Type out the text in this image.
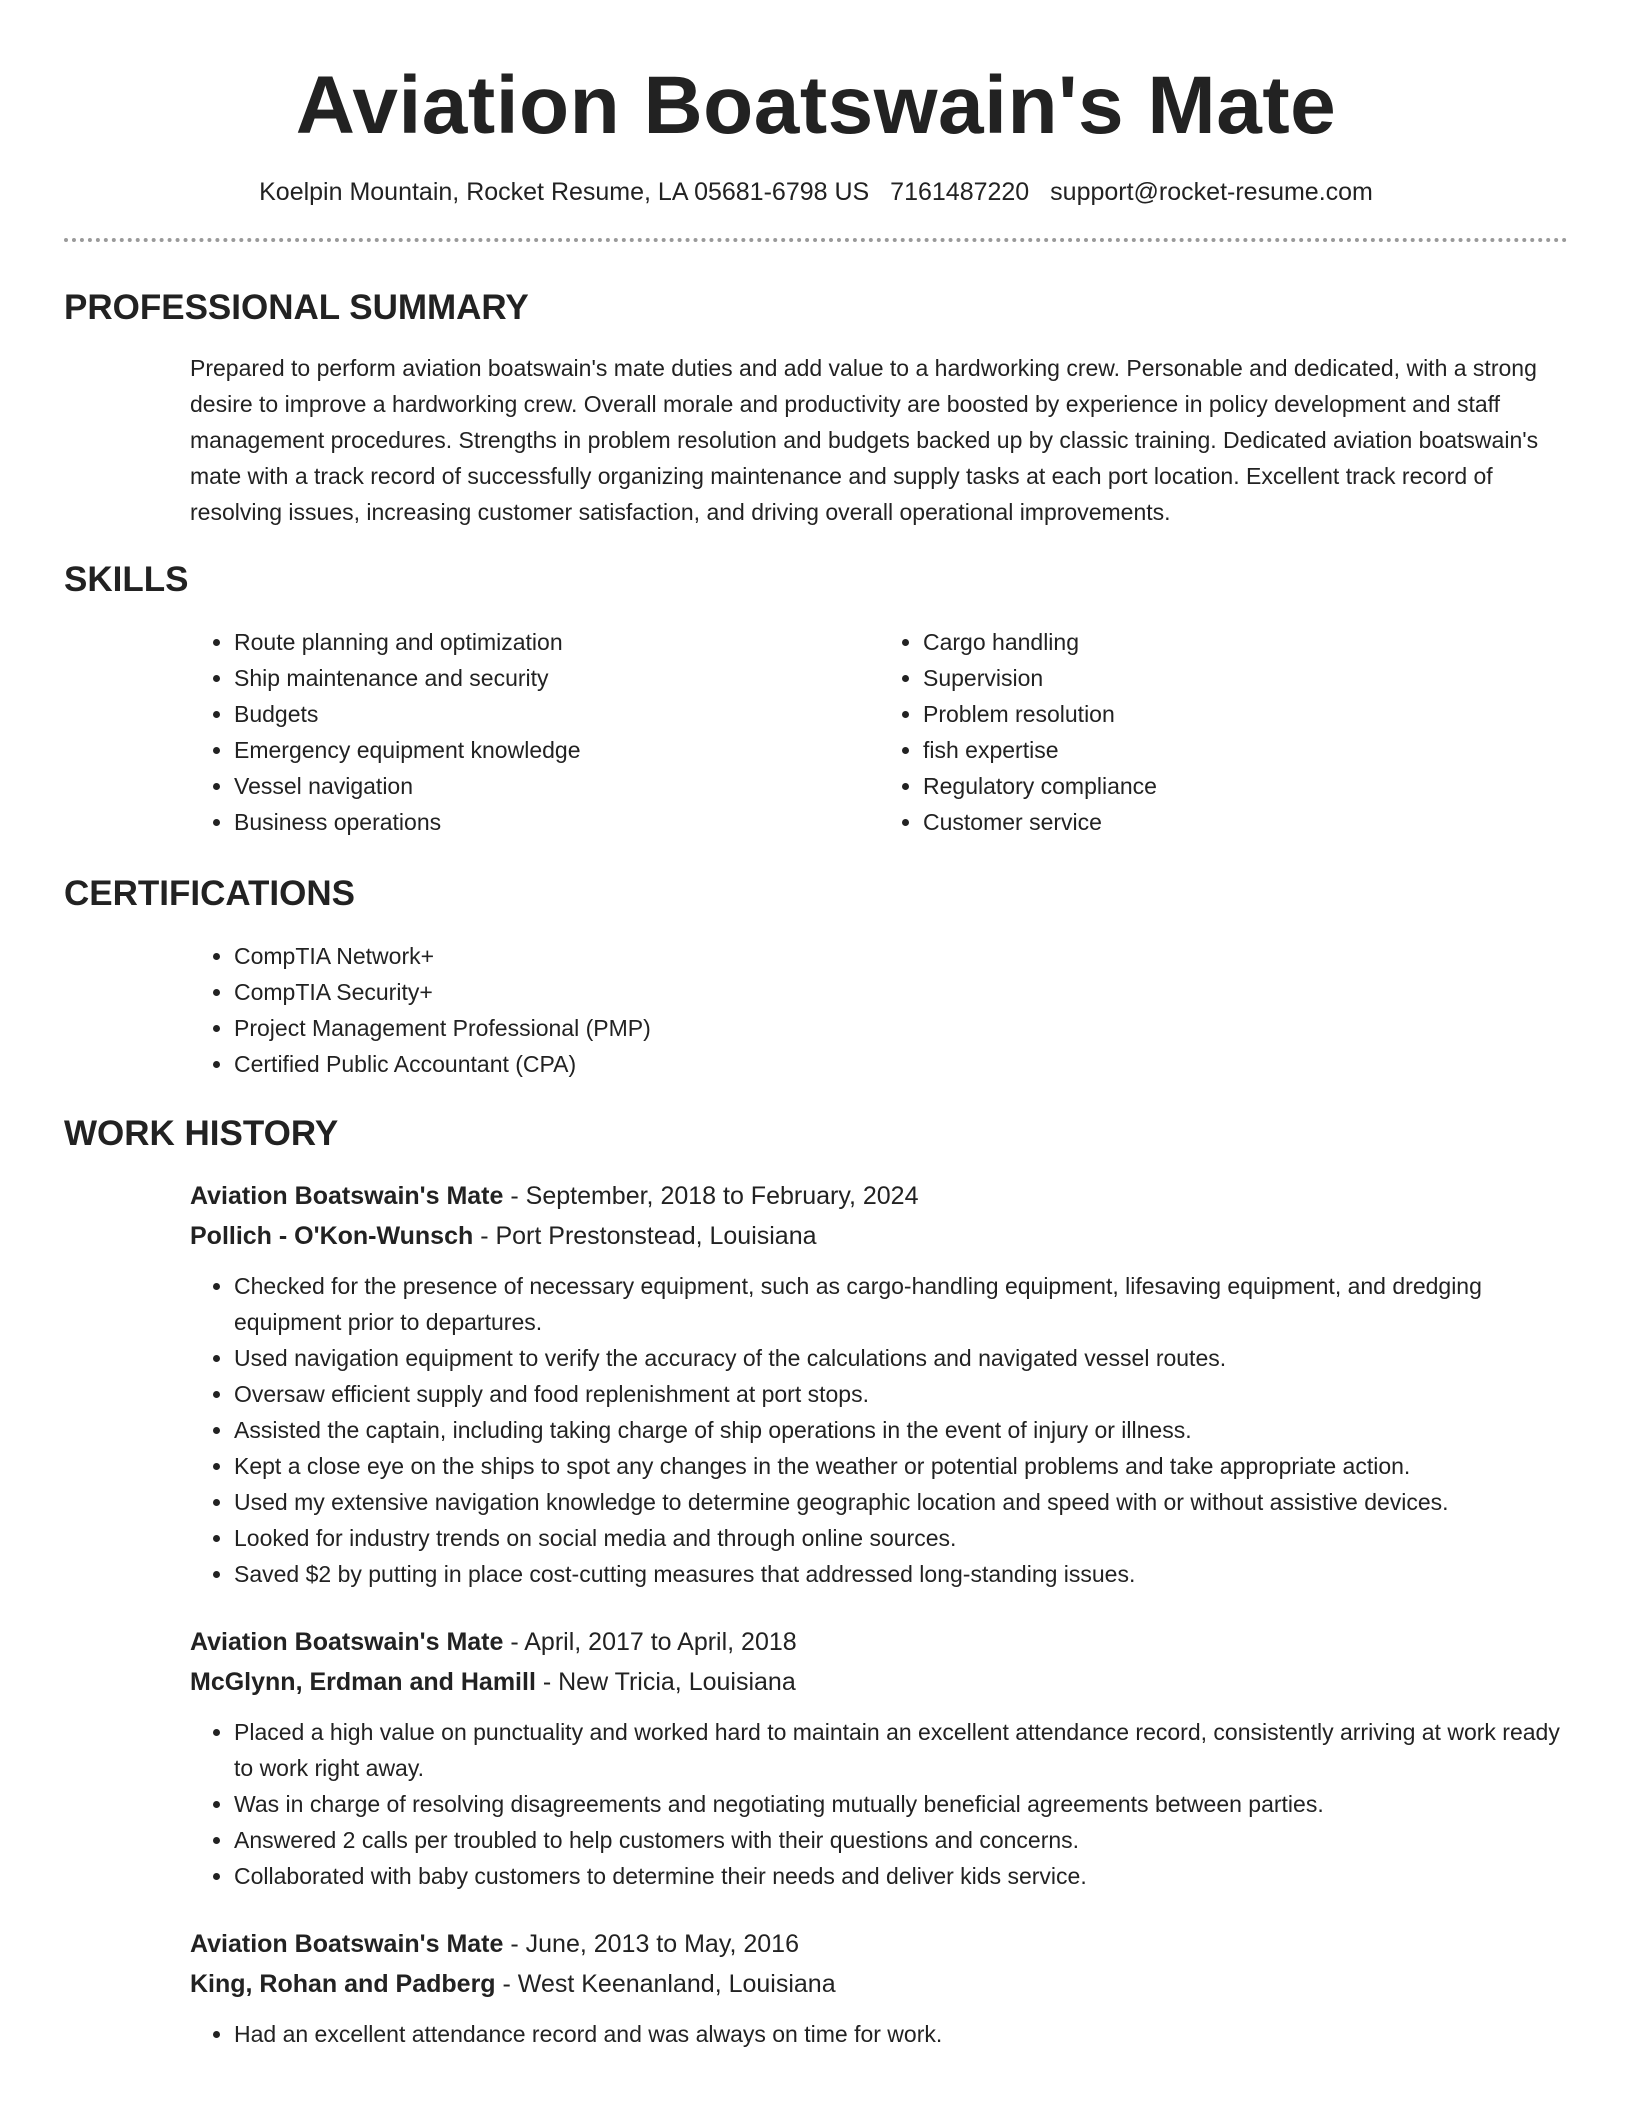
Aviation Boatswain's Mate
Koelpin Mountain, Rocket Resume, LA 05681-6798 US 7161487220 support@rocket-resume.com
PROFESSIONAL SUMMARY

Prepared to perform aviation boatswain's mate duties and add value to a hardworking crew. Personable and dedicated, with a strong desire to improve a hardworking crew. Overall morale and productivity are boosted by experience in policy development and staff management procedures. Strengths in problem resolution and budgets backed up by classic training. Dedicated aviation boatswain's mate with a track record of successfully organizing maintenance and supply tasks at each port location. Excellent track record of resolving issues, increasing customer satisfaction, and driving overall operational improvements.

SKILLS
• Route planning and optimization
• Ship maintenance and security
• Budgets
• Emergency equipment knowledge
• Vessel navigation
• Business operations
• Cargo handling
• Supervision
• Problem resolution
• fish expertise
• Regulatory compliance
• Customer service
CERTIFICATIONS
• CompTIA Network+
• CompTIA Security+
• Project Management Professional (PMP)
• Certified Public Accountant (CPA)
WORK HISTORY
Aviation Boatswain's Mate - September, 2018 to February, 2024
Pollich - O'Kon-Wunsch - Port Prestonstead, Louisiana
• Checked for the presence of necessary equipment, such as cargo-handling equipment, lifesaving equipment, and dredging equipment prior to departures.
• Used navigation equipment to verify the accuracy of the calculations and navigated vessel routes.
• Oversaw efficient supply and food replenishment at port stops.
• Assisted the captain, including taking charge of ship operations in the event of injury or illness.
• Kept a close eye on the ships to spot any changes in the weather or potential problems and take appropriate action.
• Used my extensive navigation knowledge to determine geographic location and speed with or without assistive devices.
• Looked for industry trends on social media and through online sources.
• Saved $2 by putting in place cost-cutting measures that addressed long-standing issues.
Aviation Boatswain's Mate - April, 2017 to April, 2018
McGlynn, Erdman and Hamill - New Tricia, Louisiana
• Placed a high value on punctuality and worked hard to maintain an excellent attendance record, consistently arriving at work ready to work right away.
• Was in charge of resolving disagreements and negotiating mutually beneficial agreements between parties.
• Answered 2 calls per troubled to help customers with their questions and concerns.
• Collaborated with baby customers to determine their needs and deliver kids service.
Aviation Boatswain's Mate - June, 2013 to May, 2016
King, Rohan and Padberg - West Keenanland, Louisiana
• Had an excellent attendance record and was always on time for work.
